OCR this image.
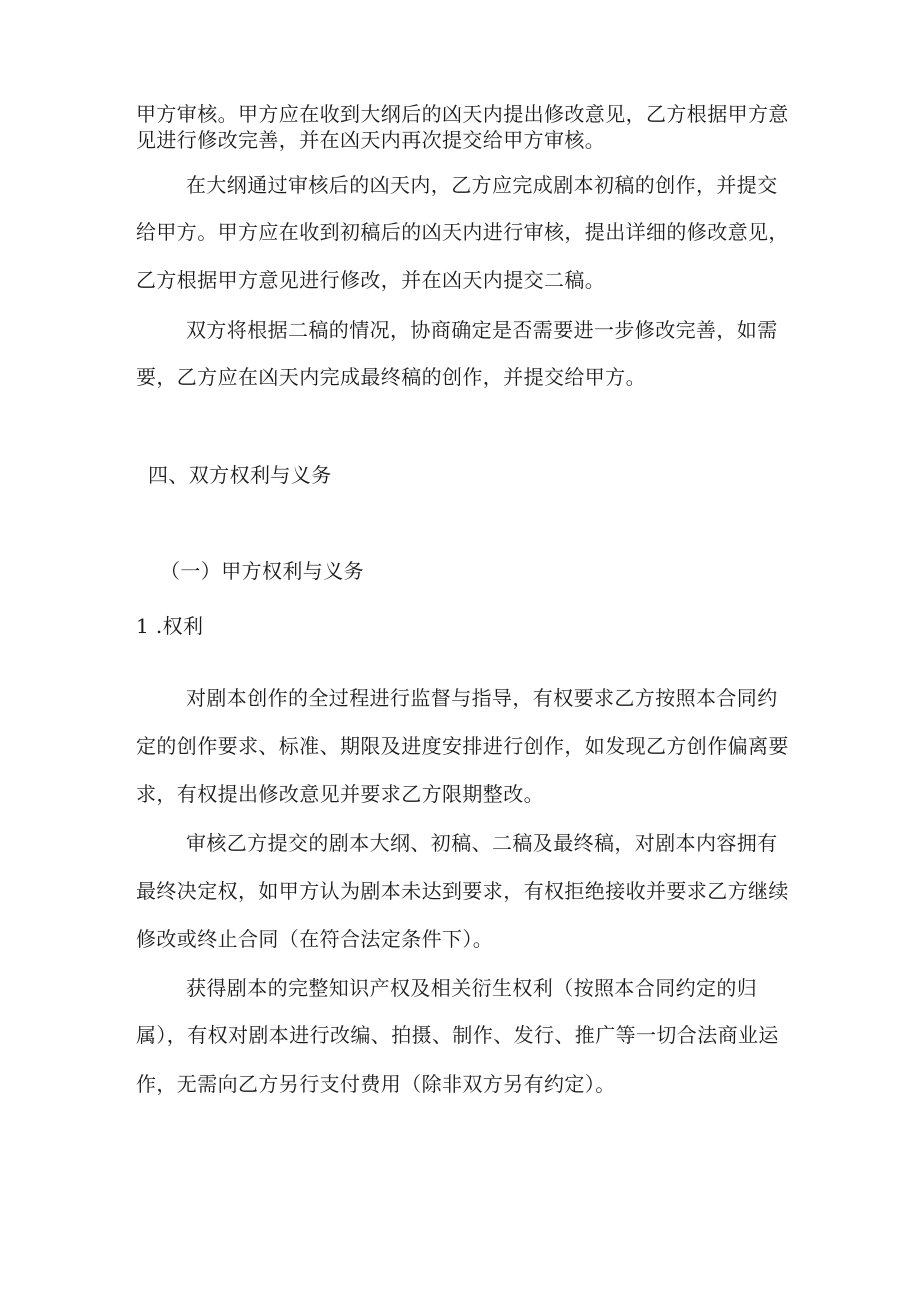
甲方审核。甲方应在收到大纲后的凶天内提出修改意见，乙方根据甲方意
见进行修改完善，并在凶天内再次提交给甲方审核。
在大纲通过审核后的凶天内，乙方应完成剧本初稿的创作，并提交
给甲方。甲方应在收到初稿后的凶天内进行审核，提出详细的修改意见，
乙方根据甲方意见进行修改，并在凶天内提交二稿。
双方将根据二稿的情况，协商确定是否需要进一步修改完善，如需
要，乙方应在凶天内完成最终稿的创作，并提交给甲方。
四、双方权利与义务
（一）甲方权利与义务
1 .权利
对剧本创作的全过程进行监督与指导，有权要求乙方按照本合同约
定的创作要求、标准、期限及进度安排进行创作，如发现乙方创作偏离要
求，有权提出修改意见并要求乙方限期整改。
审核乙方提交的剧本大纲、初稿、二稿及最终稿，对剧本内容拥有
最终决定权，如甲方认为剧本未达到要求，有权拒绝接收并要求乙方继续
修改或终止合同（在符合法定条件下）。
获得剧本的完整知识产权及相关衍生权利（按照本合同约定的归
属），有权对剧本进行改编、拍摄、制作、发行、推广等一切合法商业运
作，无需向乙方另行支付费用（除非双方另有约定）。
